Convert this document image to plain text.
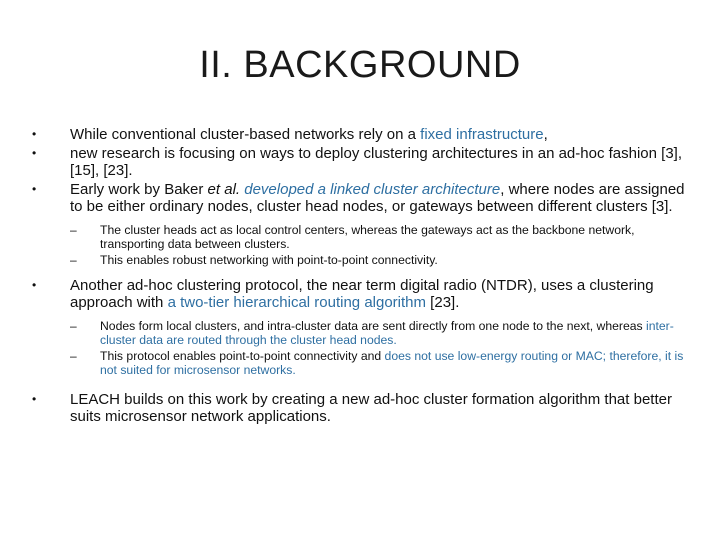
II. BACKGROUND
• While conventional cluster-based networks rely on a fixed infrastructure,
• new research is focusing on ways to deploy clustering architectures in an ad-hoc fashion [3], [15], [23].
• Early work by Baker et al. developed a linked cluster architecture, where nodes are assigned to be either ordinary nodes, cluster head nodes, or gateways between different clusters [3].
– The cluster heads act as local control centers, whereas the gateways act as the backbone network, transporting data between clusters.
– This enables robust networking with point-to-point connectivity.
• Another ad-hoc clustering protocol, the near term digital radio (NTDR), uses a clustering approach with a two-tier hierarchical routing algorithm [23].
– Nodes form local clusters, and intra-cluster data are sent directly from one node to the next, whereas inter-cluster data are routed through the cluster head nodes.
– This protocol enables point-to-point connectivity and does not use low-energy routing or MAC; therefore, it is not suited for microsensor networks.
• LEACH builds on this work by creating a new ad-hoc cluster formation algorithm that better suits microsensor network applications.
